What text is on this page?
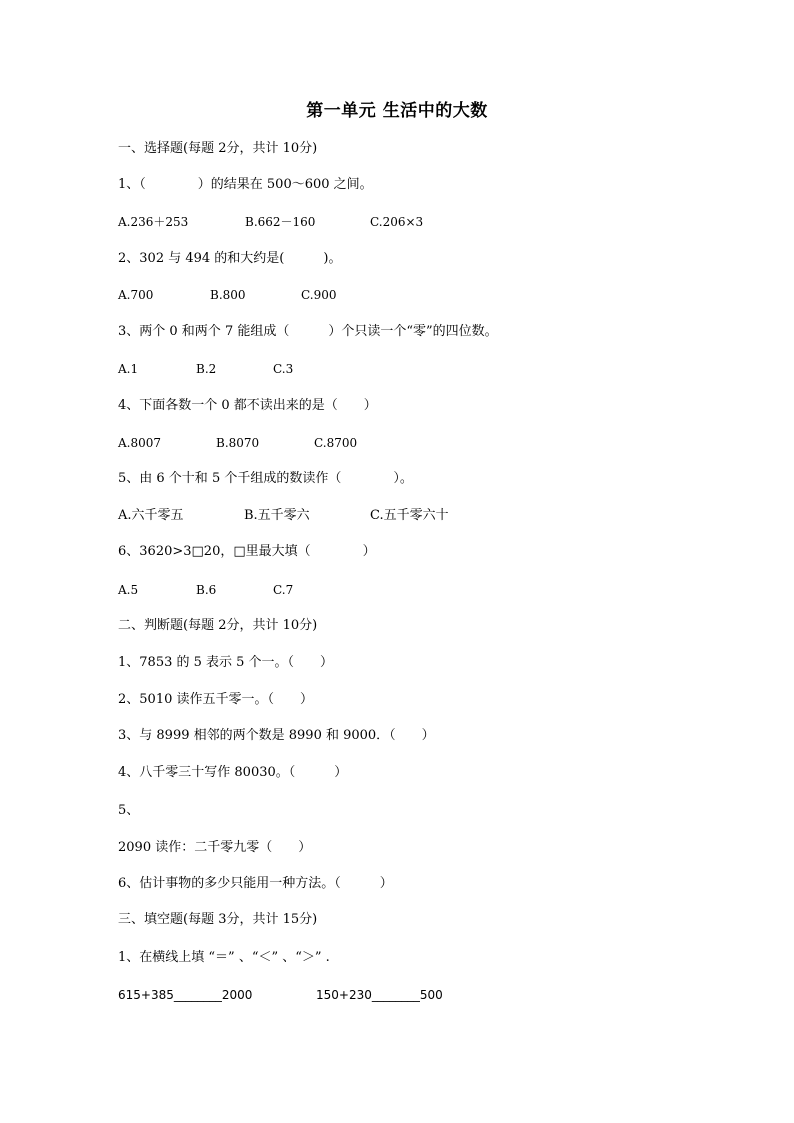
第一单元 生活中的大数
一、选择题(每题 2分，共计 10分)
1、（　　　　）的结果在 500～600 之间。
A.236＋253	B.662－160	C.206×3
2、302 与 494 的和大约是(　　　)。
A.700	B.800	C.900
3、两个 0 和两个 7 能组成（　　　）个只读一个“零”的四位数。
A.1	B.2	C.3
4、下面各数一个 0 都不读出来的是（　　）
A.8007	B.8070	C.8700
5、由 6 个十和 5 个千组成的数读作（　　　　）。
A.六千零五	B.五千零六	C.五千零六十
6、3620>3□20，□里最大填（　　　　）
A.5	B.6	C.7
二、判断题(每题 2分，共计 10分)
1、7853 的 5 表示 5 个一。（　　）
2、5010 读作五千零一。（　　）
3、与 8999 相邻的两个数是 8990 和 9000．（　　）
4、八千零三十写作 80030。（　　　）
5、
2090 读作：二千零九零（　　）
6、估计事物的多少只能用一种方法。（　　　）
三、填空题(每题 3分，共计 15分)
1、在横线上填 “＝” 、“＜” 、“＞” .
615+385________2000	150+230________500
